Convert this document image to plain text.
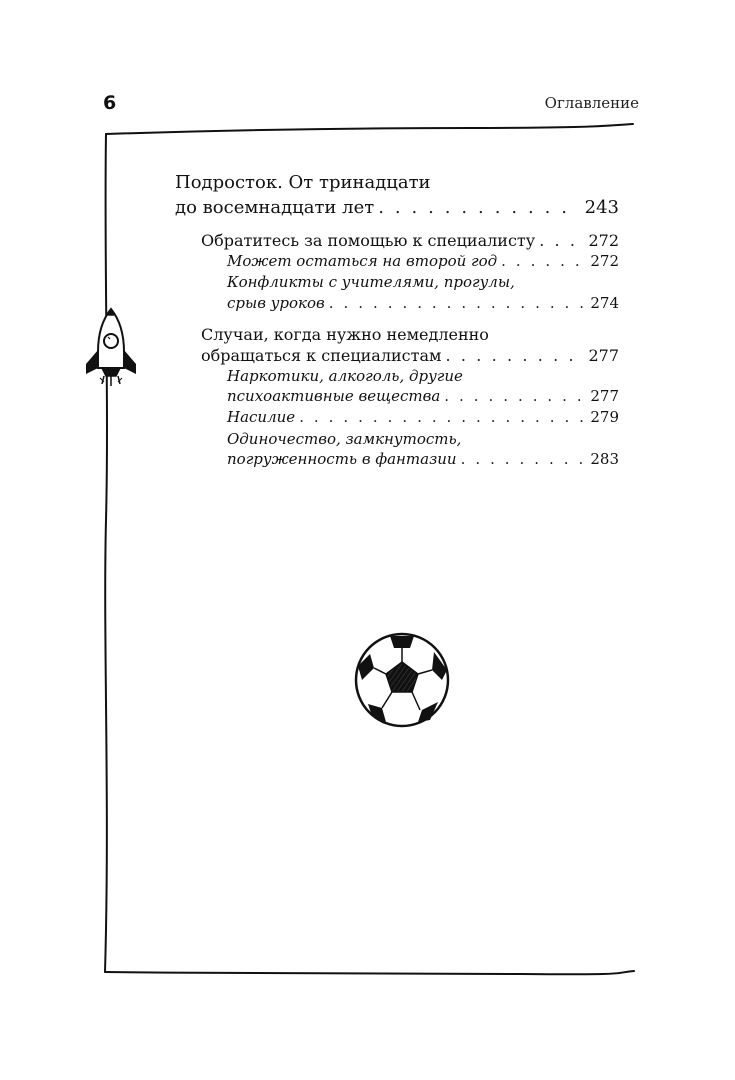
6	Оглавление
Подросток. От тринадцати
до восемнадцати лет . . .	243
Обратитесь за помощью к специалисту . . .	272
Может остаться на второй год . . .	272
Конфликты с учителями, прогулы,
срыв уроков . . .	274
Случаи, когда нужно немедленно
обращаться к специалистам . . .	277
Наркотики, алкоголь, другие
психоактивные вещества . . .	277
Насилие . . .	279
Одиночество, замкнутость,
погруженность в фантазии . . .	283
